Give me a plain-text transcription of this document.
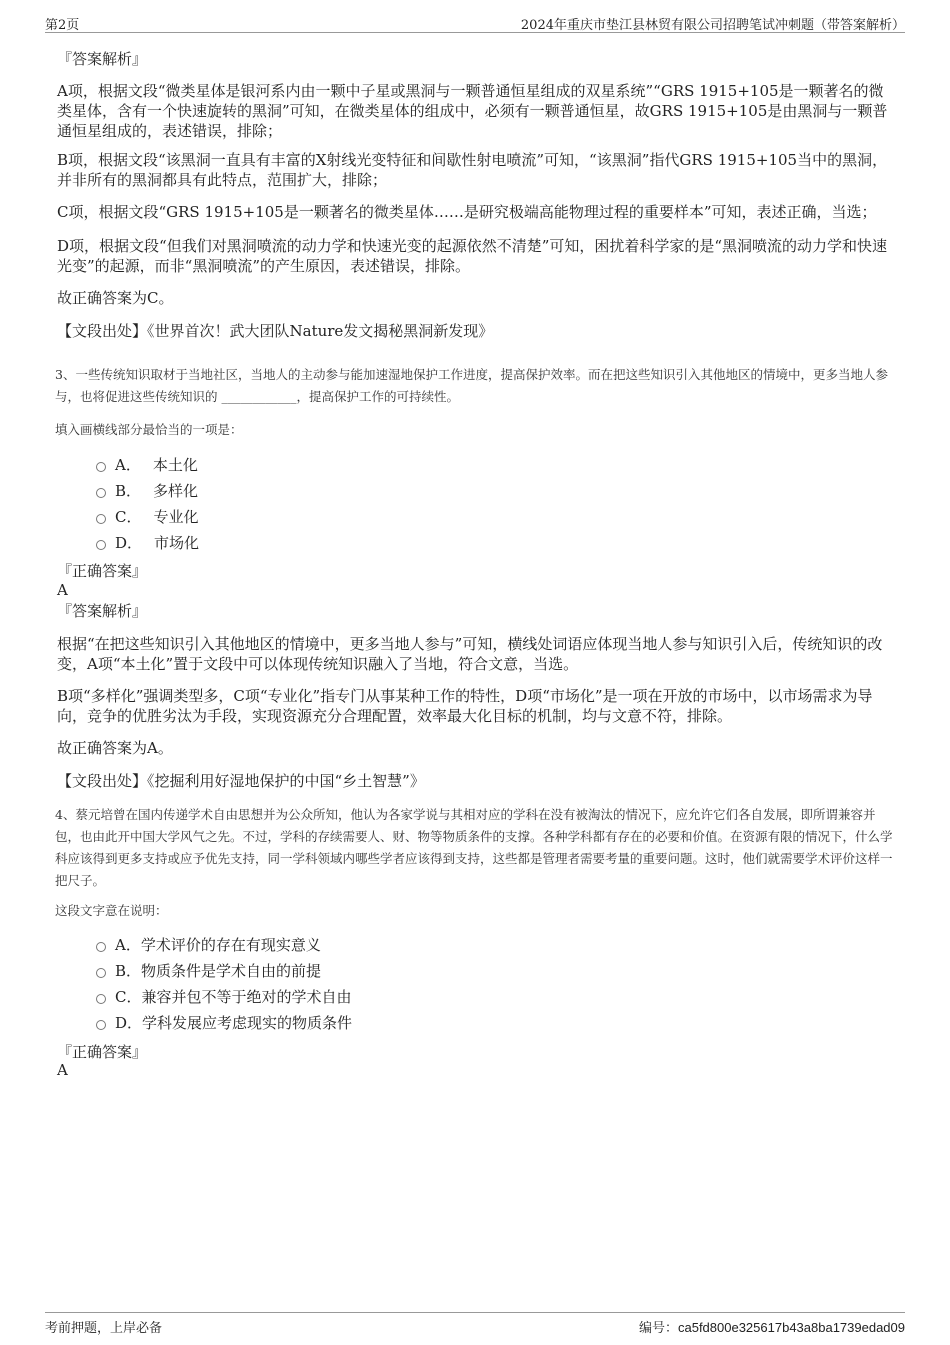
第2页	2024年重庆市垫江县林贸有限公司招聘笔试冲刺题（带答案解析）
『答案解析』
A项，根据文段“微类星体是银河系内由一颗中子星或黑洞与一颗普通恒星组成的双星系统”“GRS 1915+105是一颗著名的微类星体，含有一个快速旋转的黑洞”可知，在微类星体的组成中，必须有一颗普通恒星，故GRS 1915+105是由黑洞与一颗普通恒星组成的，表述错误，排除；
B项，根据文段“该黑洞一直具有丰富的X射线光变特征和间歇性射电喷流”可知，“该黑洞”指代GRS 1915+105当中的黑洞，并非所有的黑洞都具有此特点，范围扩大，排除；
C项，根据文段“GRS 1915+105是一颗著名的微类星体……是研究极端高能物理过程的重要样本”可知，表述正确，当选；
D项，根据文段“但我们对黑洞喷流的动力学和快速光变的起源依然不清楚”可知，困扰着科学家的是“黑洞喷流的动力学和快速光变”的起源，而非“黑洞喷流”的产生原因，表述错误，排除。
故正确答案为C。
【文段出处】《世界首次！武大团队Nature发文揭秘黑洞新发现》
3、一些传统知识取材于当地社区，当地人的主动参与能加速湿地保护工作进度，提高保护效率。而在把这些知识引入其他地区的情境中，更多当地人参与，也将促进这些传统知识的 ____________，提高保护工作的可持续性。
填入画横线部分最恰当的一项是：
A． 本土化
B． 多样化
C． 专业化
D． 市场化
『正确答案』
A
『答案解析』
根据“在把这些知识引入其他地区的情境中，更多当地人参与”可知，横线处词语应体现当地人参与知识引入后，传统知识的改变，A项“本土化”置于文段中可以体现传统知识融入了当地，符合文意，当选。
B项“多样化”强调类型多，C项“专业化”指专门从事某种工作的特性，D项“市场化”是一项在开放的市场中，以市场需求为导向，竞争的优胜劣汰为手段，实现资源充分合理配置，效率最大化目标的机制，均与文意不符，排除。
故正确答案为A。
【文段出处】《挖掘利用好湿地保护的中国“乡土智慧”》
4、蔡元培曾在国内传递学术自由思想并为公众所知，他认为各家学说与其相对应的学科在没有被淘汰的情况下，应允许它们各自发展，即所谓兼容并包，也由此开中国大学风气之先。不过，学科的存续需要人、财、物等物质条件的支撑。各种学科都有存在的必要和价值。在资源有限的情况下，什么学科应该得到更多支持或应予优先支持，同一学科领域内哪些学者应该得到支持，这些都是管理者需要考量的重要问题。这时，他们就需要学术评价这样一把尺子。
这段文字意在说明：
A． 学术评价的存在有现实意义
B． 物质条件是学术自由的前提
C． 兼容并包不等于绝对的学术自由
D． 学科发展应考虑现实的物质条件
『正确答案』
A
考前押题，上岸必备	编号：ca5fd800e325617b43a8ba1739edad09
